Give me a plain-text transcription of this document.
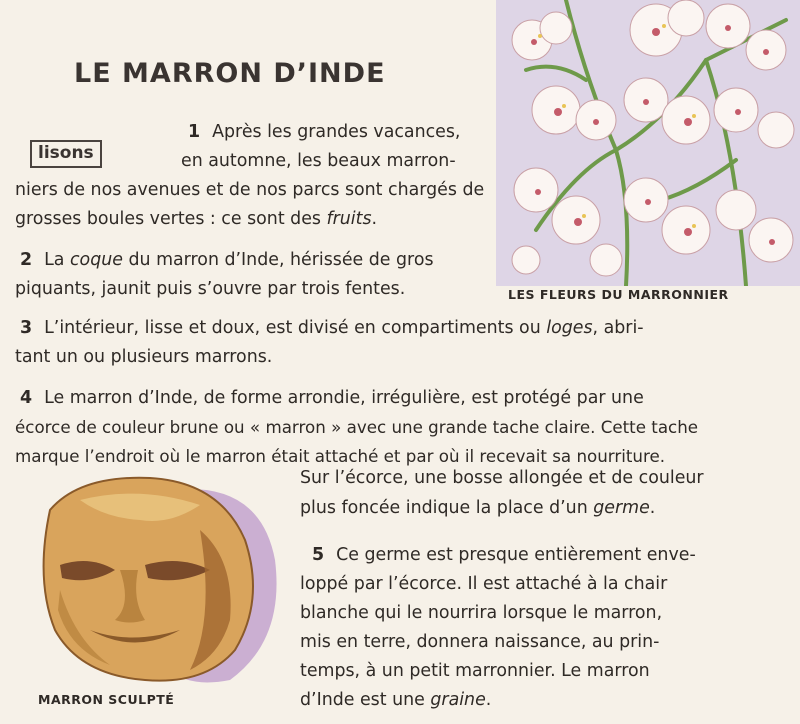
LE MARRON D’INDE
lisons
LES FLEURS DU MARRONNIER
MARRON SCULPTÉ
1 Après les grandes vacances,
en automne, les beaux marron-
niers de nos avenues et de nos parcs sont chargés de
grosses boules vertes : ce sont des fruits.
2 La coque du marron d’Inde, hérissée de gros
piquants, jaunit puis s’ouvre par trois fentes.
3 L’intérieur, lisse et doux, est divisé en compartiments ou loges, abri-
tant un ou plusieurs marrons.
4 Le marron d’Inde, de forme arrondie, irrégulière, est protégé par une
écorce de couleur brune ou « marron » avec une grande tache claire. Cette tache
marque l’endroit où le marron était attaché et par où il recevait sa nourriture.
Sur l’écorce, une bosse allongée et de couleur
plus foncée indique la place d’un germe.
5 Ce germe est presque entièrement enve-
loppé par l’écorce. Il est attaché à la chair
blanche qui le nourrira lorsque le marron,
mis en terre, donnera naissance, au prin-
temps, à un petit marronnier. Le marron
d’Inde est une graine.
